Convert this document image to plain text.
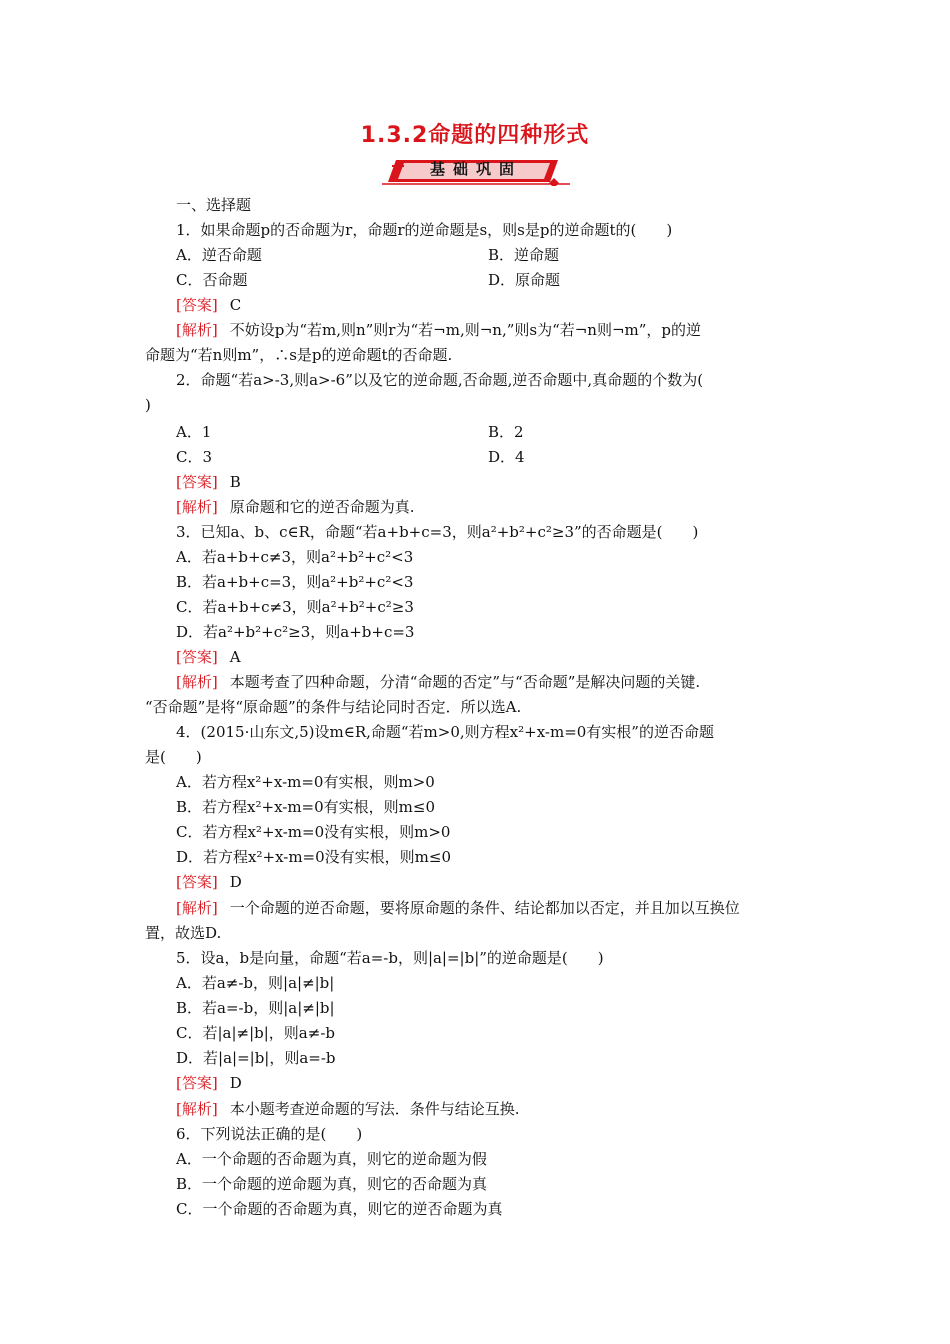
1.3.2命题的四种形式
基础巩固
一、选择题
1．如果命题p的否命题为r，命题r的逆命题是s，则s是p的逆命题t的(　　)
A．逆否命题	B．逆命题
C．否命题	D．原命题
[答案] C
[解析] 不妨设p为“若m,则n”则r为“若¬m,则¬n,”则s为“若¬n则¬m”，p的逆
命题为“若n则m”，∴s是p的逆命题t的否命题.
2．命题“若a>-3,则a>-6”以及它的逆命题,否命题,逆否命题中,真命题的个数为(
)
A．1	B．2
C．3	D．4
[答案] B
[解析] 原命题和它的逆否命题为真.
3．已知a、b、c∈R，命题“若a+b+c=3，则a²+b²+c²≥3”的否命题是(　　)
A．若a+b+c≠3，则a²+b²+c²<3
B．若a+b+c=3，则a²+b²+c²<3
C．若a+b+c≠3，则a²+b²+c²≥3
D．若a²+b²+c²≥3，则a+b+c=3
[答案] A
[解析] 本题考查了四种命题，分清“命题的否定”与“否命题”是解决问题的关键.
“否命题”是将“原命题”的条件与结论同时否定．所以选A.
4．(2015·山东文,5)设m∈R,命题“若m>0,则方程x²+x-m=0有实根”的逆否命题
是(　　)
A．若方程x²+x-m=0有实根，则m>0
B．若方程x²+x-m=0有实根，则m≤0
C．若方程x²+x-m=0没有实根，则m>0
D．若方程x²+x-m=0没有实根，则m≤0
[答案] D
[解析] 一个命题的逆否命题，要将原命题的条件、结论都加以否定，并且加以互换位
置，故选D.
5．设a，b是向量，命题“若a=-b，则|a|=|b|”的逆命题是(　　)
A．若a≠-b，则|a|≠|b|
B．若a=-b，则|a|≠|b|
C．若|a|≠|b|，则a≠-b
D．若|a|=|b|，则a=-b
[答案] D
[解析] 本小题考查逆命题的写法．条件与结论互换.
6．下列说法正确的是(　　)
A．一个命题的否命题为真，则它的逆命题为假
B．一个命题的逆命题为真，则它的否命题为真
C．一个命题的否命题为真，则它的逆否命题为真
